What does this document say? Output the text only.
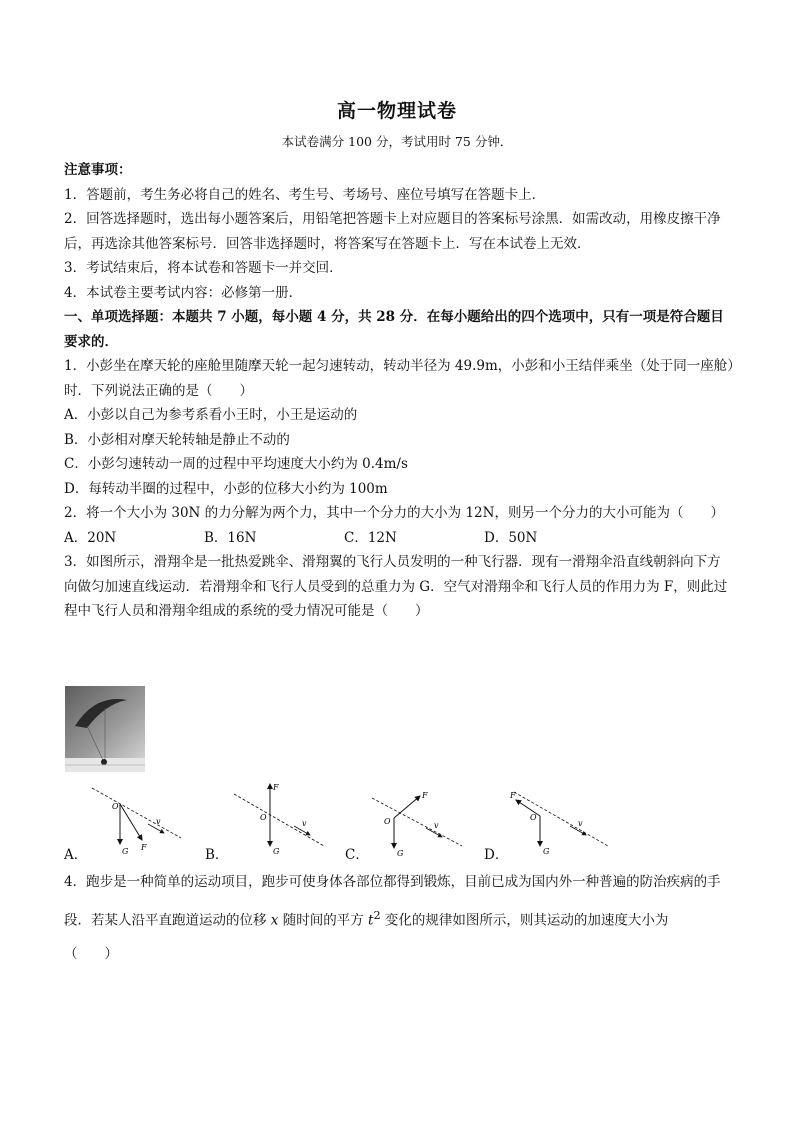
高一物理试卷
本试卷满分 100 分，考试用时 75 分钟．
注意事项：
1．答题前，考生务必将自己的姓名、考生号、考场号、座位号填写在答题卡上．
2．回答选择题时，选出每小题答案后，用铅笔把答题卡上对应题目的答案标号涂黑．如需改动，用橡皮擦干净后，再选涂其他答案标号．回答非选择题时，将答案写在答题卡上．写在本试卷上无效．
3．考试结束后，将本试卷和答题卡一并交回．
4．本试卷主要考试内容：必修第一册．
一、单项选择题：本题共 7 小题，每小题 4 分，共 28 分．在每小题给出的四个选项中，只有一项是符合题目要求的．
1．小彭坐在摩天轮的座舱里随摩天轮一起匀速转动，转动半径为 49.9m，小彭和小王结伴乘坐（处于同一座舱）时．下列说法正确的是（　　）
A．小彭以自己为参考系看小王时，小王是运动的
B．小彭相对摩天轮转轴是静止不动的
C．小彭匀速转动一周的过程中平均速度大小约为 0.4m/s
D．每转动半圈的过程中，小彭的位移大小约为 100m
2．将一个大小为 30N 的力分解为两个力，其中一个分力的大小为 12N，则另一个分力的大小可能为（　　）
A．20N	B．16N	C．12N	D．50N
3．如图所示，滑翔伞是一批热爱跳伞、滑翔翼的飞行人员发明的一种飞行器．现有一滑翔伞沿直线朝斜向下方向做匀加速直线运动．若滑翔伞和飞行人员受到的总重力为 G．空气对滑翔伞和飞行人员的作用力为 F，则此过程中飞行人员和滑翔伞组成的系统的受力情况可能是（　　）
A．	B．	C．	D．
O
G F
v	O
F
G
v	O
F
G
v
O
F
G
v
4．跑步是一种简单的运动项目，跑步可使身体各部位都得到锻炼，目前已成为国内外一种普遍的防治疾病的手段．若某人沿平直跑道运动的位移 x 随时间的平方 $t^2$ 变化的规律如图所示，则其运动的加速度大小为
（　　）
